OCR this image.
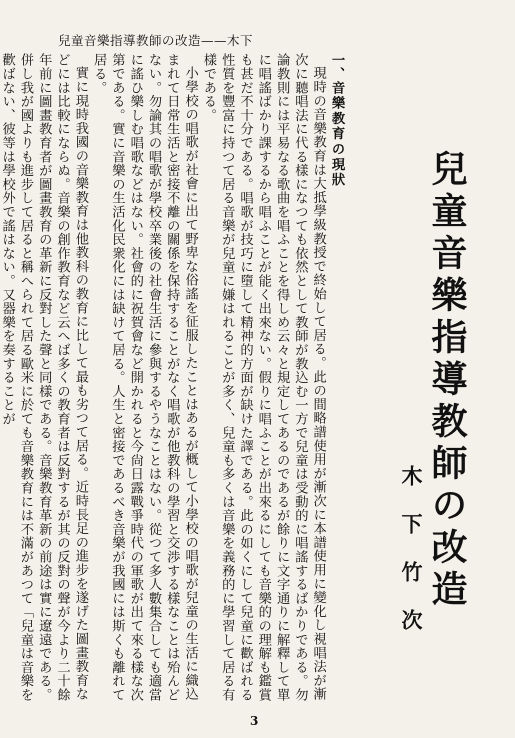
兒童音樂指導教師の改造——木下
兒童音樂指導教師の改造
木下竹次

一、音樂教育の現狀

現時の音樂教育は大抵學級教授で終始して居る。此の間略譜使用が漸次に本譜使用に變化し視唱法が漸次に聽唱法に代る樣になつても依然として教師が教込む一方で兒童は受動的に唱謠するばかりである。勿論教則には平易なる歌曲を唱ふことを得しめ云々と規定してあるのであるが餘りに文字通りに解釋して單に唱謠ばかり課するから唱ふことが能く出來ない。假りに唱ふことが出來るにしても音樂的の理解も鑑賞も甚だ不十分である。唱歌が技巧に墮して精神的方面が缺けた譯である。此の如くにして兒童に歡ばれる性質を豐富に持つて居る音樂が兒童に嫌はれることが多く、兒童も多くは音樂を義務的に學習して居る有樣である。

小學校の唱歌が社會に出て野卑な俗謠を征服したことはあるが概して小學校の唱歌が兒童の生活に織込まれて日常生活と密接不離の關係を保持することがなく唱歌が他教科の學習と交渉する樣なことは殆んどない。勿論其の唱歌が學校卒業後の社會生活に參與するやうなことはない。從つて多人數集合しても適當に謠ひ樂しむ唱歌などはない。社會的に祝賀會など開かれると今尙日露戰爭時代の軍歌が出て來る樣な次第である。實に音樂の生活化民衆化には缺けて居る。人生と密接であるべき音樂が我國には斯くも離れて居る。

實に現時我國の音樂教育は他教科の教育に比して最も劣つて居る。近時長足の進步を遂げた圖畫教育などには比較にならぬ。音樂の創作教育など云へば多くの教育者は反對するが其の反對の聲が今より二十餘年前に圖畫教育者が圖畫教育の革新に反對した聲と同樣である。音樂教育革新の前途は實に遼遠である。併し我が國よりも進步して居ると稱へられて居る歐米に於ても音樂教育には不滿があつて「兒童は音樂を歡ばない、彼等は學校外で謠はない。又器樂を奏することが

3
